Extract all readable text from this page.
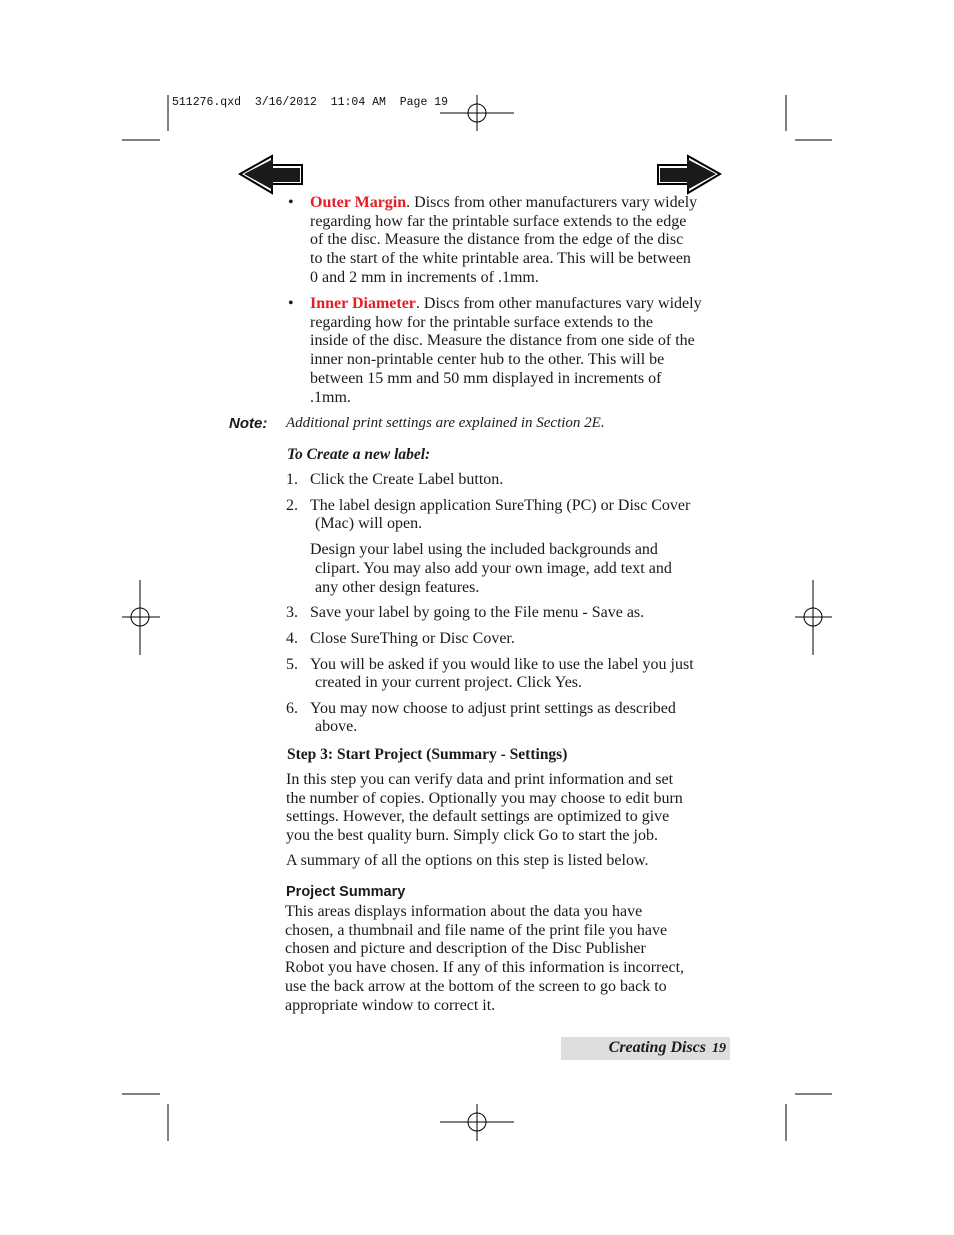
511276.qxd  3/16/2012  11:04 AM  Page 19
• Outer Margin. Discs from other manufacturers vary widely
regarding how far the printable surface extends to the edge
of the disc. Measure the distance from the edge of the disc
to the start of the white printable area. This will be between
0 and 2 mm in increments of .1mm.
• Inner Diameter. Discs from other manufactures vary widely
regarding how for the printable surface extends to the
inside of the disc. Measure the distance from one side of the
inner non-printable center hub to the other. This will be
between 15 mm and 50 mm displayed in increments of
.1mm.
Note: Additional print settings are explained in Section 2E.
To Create a new label:
1. Click the Create Label button.
2. The label design application SureThing (PC) or Disc Cover
(Mac) will open.
Design your label using the included backgrounds and
clipart. You may also add your own image, add text and
any other design features.
3. Save your label by going to the File menu - Save as.
4. Close SureThing or Disc Cover.
5. You will be asked if you would like to use the label you just
created in your current project. Click Yes.
6. You may now choose to adjust print settings as described
above.
Step 3: Start Project (Summary - Settings)
In this step you can verify data and print information and set
the number of copies. Optionally you may choose to edit burn
settings. However, the default settings are optimized to give
you the best quality burn. Simply click Go to start the job.
A summary of all the options on this step is listed below.
Project Summary
This areas displays information about the data you have
chosen, a thumbnail and file name of the print file you have
chosen and picture and description of the Disc Publisher
Robot you have chosen. If any of this information is incorrect,
use the back arrow at the bottom of the screen to go back to
appropriate window to correct it.
Creating Discs 19
